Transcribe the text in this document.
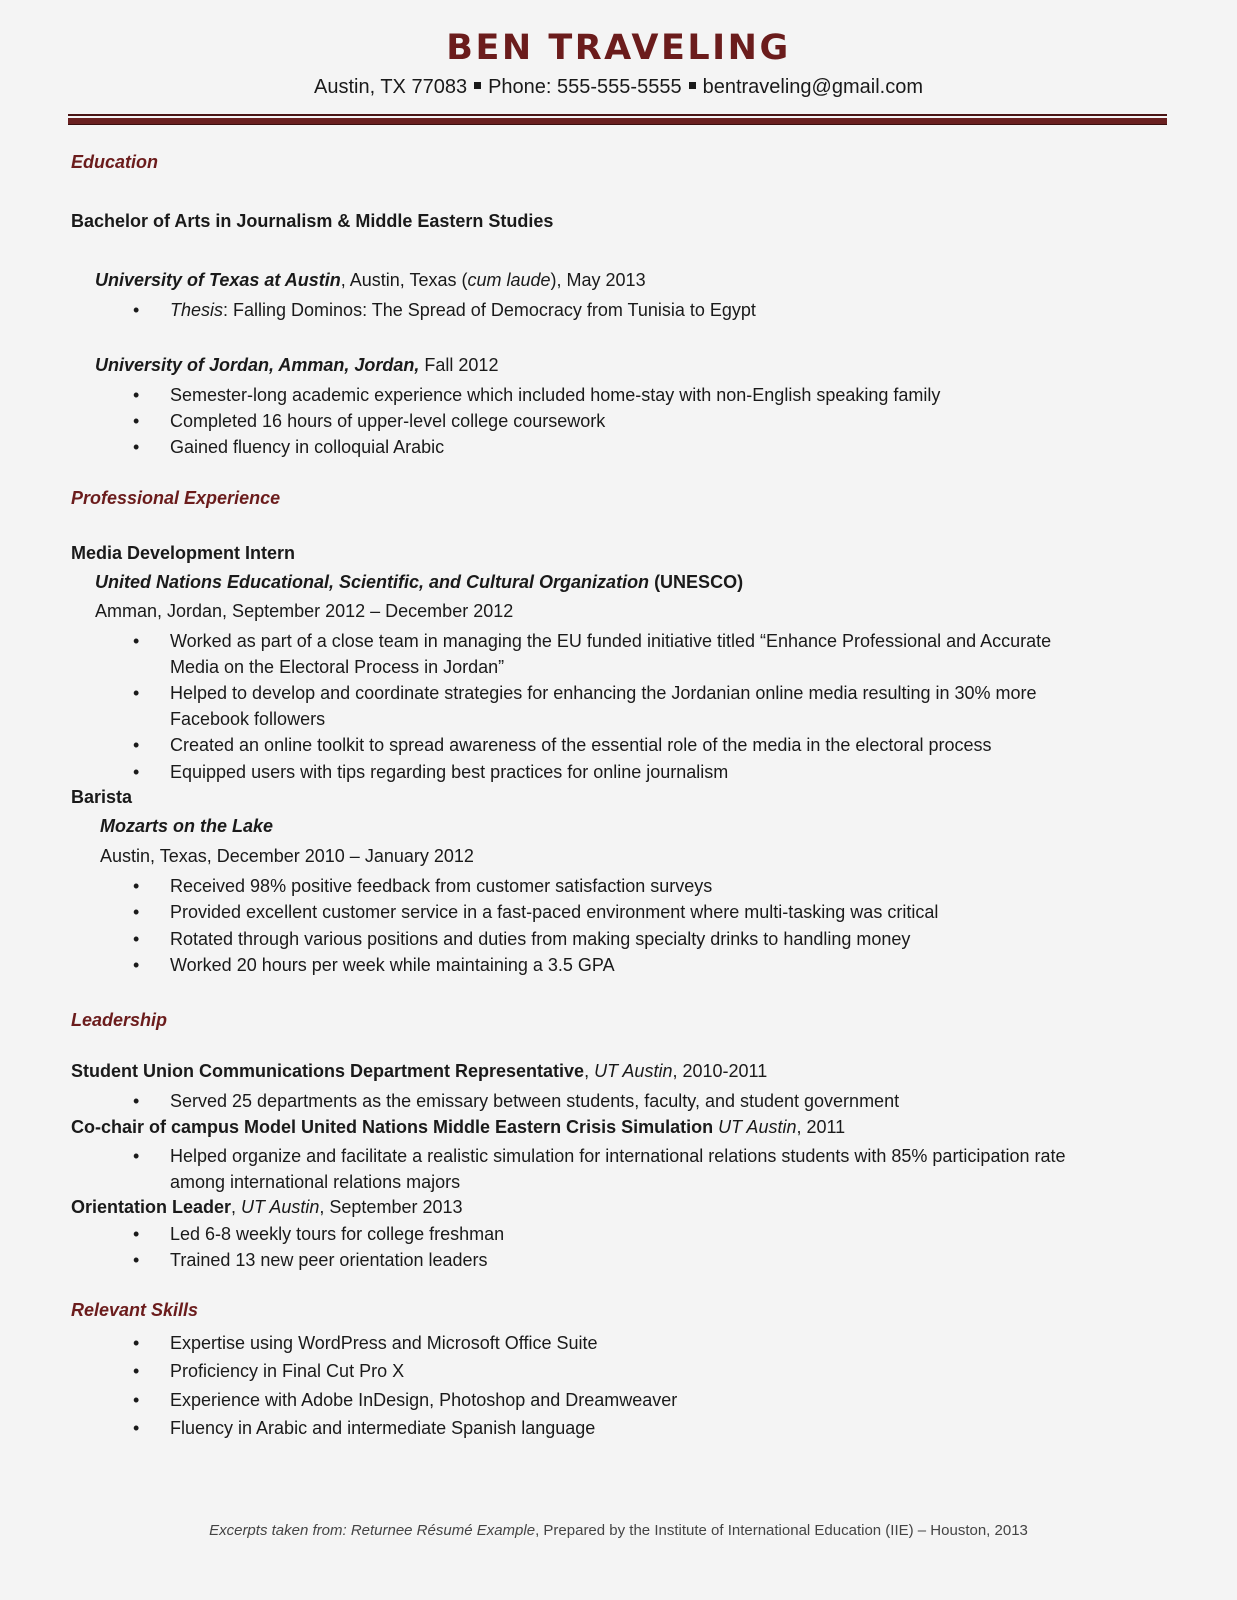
BEN TRAVELING
Austin, TX 77083 Phone: 555-555-5555 bentraveling@gmail.com
Education
Bachelor of Arts in Journalism & Middle Eastern Studies
University of Texas at Austin, Austin, Texas (cum laude), May 2013
• Thesis: Falling Dominos: The Spread of Democracy from Tunisia to Egypt
University of Jordan, Amman, Jordan, Fall 2012
• Semester-long academic experience which included home-stay with non-English speaking family
• Completed 16 hours of upper-level college coursework
• Gained fluency in colloquial Arabic
Professional Experience
Media Development Intern
United Nations Educational, Scientific, and Cultural Organization (UNESCO)
Amman, Jordan, September 2012 – December 2012
• Worked as part of a close team in managing the EU funded initiative titled “Enhance Professional and Accurate
Media on the Electoral Process in Jordan”
• Helped to develop and coordinate strategies for enhancing the Jordanian online media resulting in 30% more
Facebook followers
• Created an online toolkit to spread awareness of the essential role of the media in the electoral process
• Equipped users with tips regarding best practices for online journalism
Barista
Mozarts on the Lake
Austin, Texas, December 2010 – January 2012
• Received 98% positive feedback from customer satisfaction surveys
• Provided excellent customer service in a fast-paced environment where multi-tasking was critical
• Rotated through various positions and duties from making specialty drinks to handling money
• Worked 20 hours per week while maintaining a 3.5 GPA
Leadership
Student Union Communications Department Representative, UT Austin, 2010-2011
• Served 25 departments as the emissary between students, faculty, and student government
Co-chair of campus Model United Nations Middle Eastern Crisis Simulation UT Austin, 2011
• Helped organize and facilitate a realistic simulation for international relations students with 85% participation rate
among international relations majors
Orientation Leader, UT Austin, September 2013
• Led 6-8 weekly tours for college freshman
• Trained 13 new peer orientation leaders
Relevant Skills
• Expertise using WordPress and Microsoft Office Suite
• Proficiency in Final Cut Pro X
• Experience with Adobe InDesign, Photoshop and Dreamweaver
• Fluency in Arabic and intermediate Spanish language
Excerpts taken from: Returnee Résumé Example, Prepared by the Institute of International Education (IIE) – Houston, 2013
